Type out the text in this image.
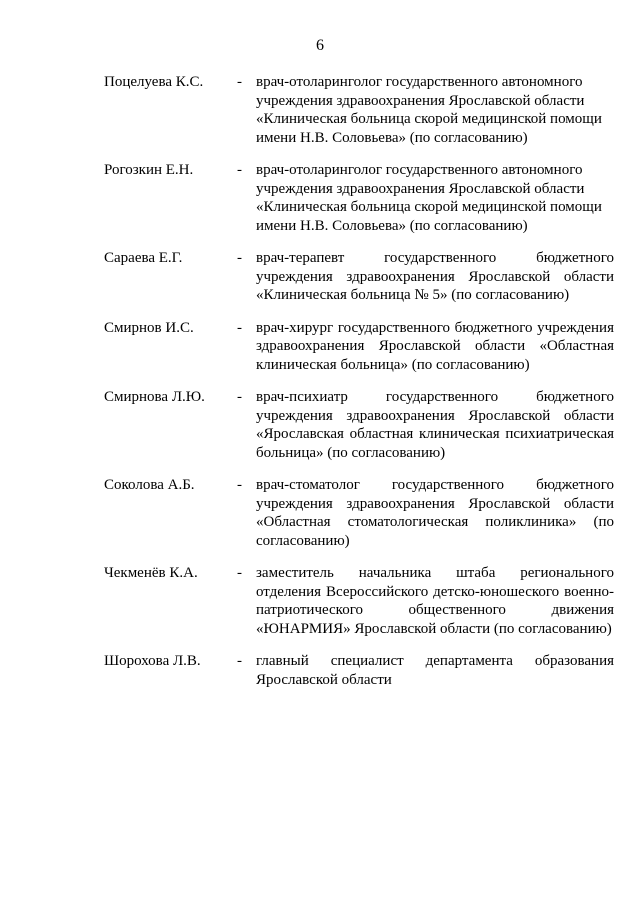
6
Поцелуева К.С.	- врач-отоларинголог государственного автономного учреждения здравоохранения Ярославской области «Клиническая больница скорой медицинской помощи имени Н.В. Соловьева» (по согласованию)
Рогозкин Е.Н.	- врач-отоларинголог государственного автономного учреждения здравоохранения Ярославской области «Клиническая больница скорой медицинской помощи имени Н.В. Соловьева» (по согласованию)
Сараева Е.Г.	- врач-терапевт государственного бюджетного учреждения здравоохранения Ярославской области «Клиническая больница № 5» (по согласованию)
Смирнов И.С.	- врач-хирург государственного бюджетного учреждения здравоохранения Ярославской области «Областная клиническая больница» (по согласованию)
Смирнова Л.Ю.	- врач-психиатр государственного бюджетного учреждения здравоохранения Ярославской области «Ярославская областная клиническая психиатрическая больница» (по согласованию)
Соколова А.Б.	- врач-стоматолог государственного бюджетного учреждения здравоохранения Ярославской области «Областная стоматологическая поликлиника» (по согласованию)
Чекменёв К.А.	- заместитель начальника штаба регионального отделения Всероссийского детско-юношеского военно-патриотического общественного движения «ЮНАРМИЯ» Ярославской области (по согласованию)
Шорохова Л.В.	- главный специалист департамента образования Ярославской области
